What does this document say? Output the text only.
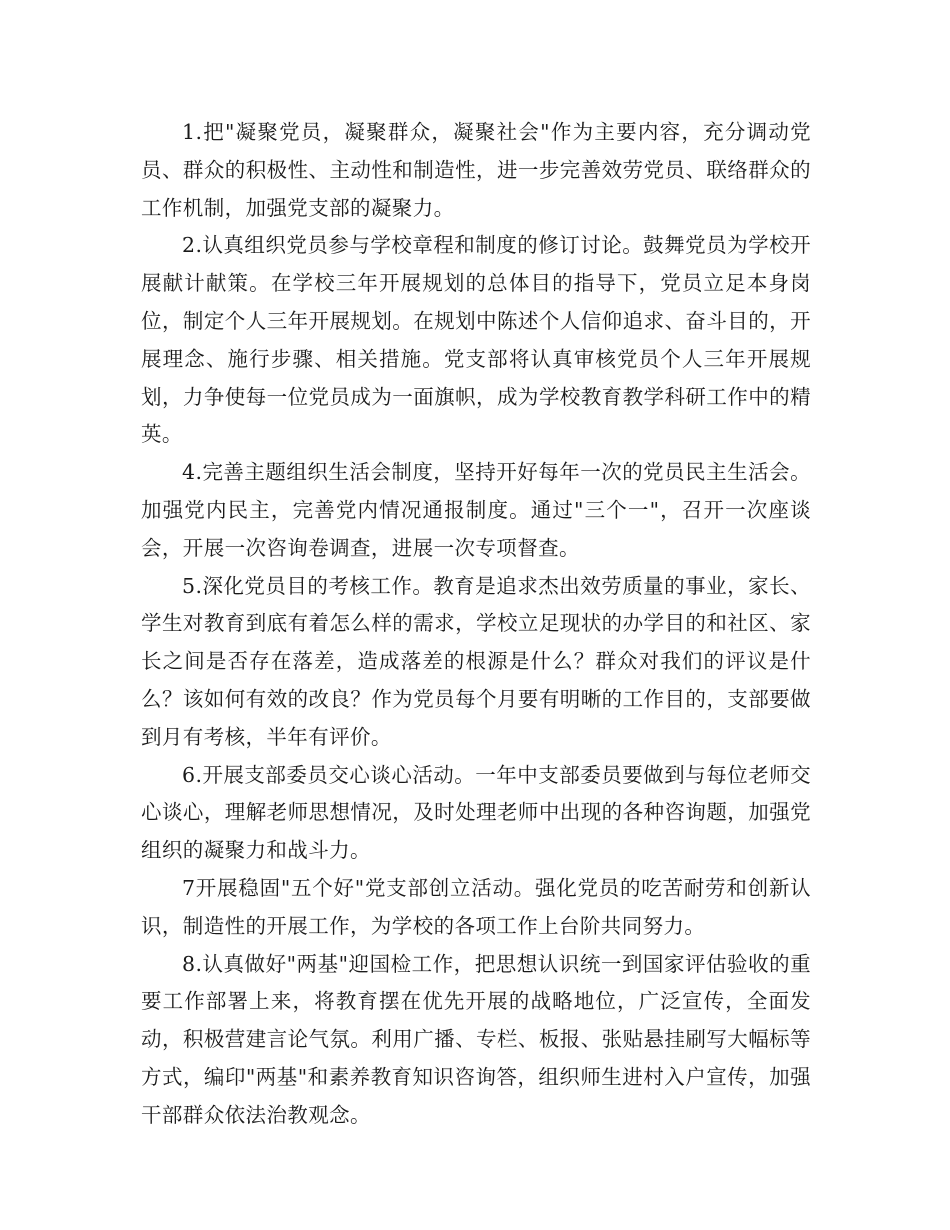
1.把"凝聚党员，凝聚群众，凝聚社会"作为主要内容，充分调动党员、群众的积极性、主动性和制造性，进一步完善效劳党员、联络群众的工作机制，加强党支部的凝聚力。

2.认真组织党员参与学校章程和制度的修订讨论。鼓舞党员为学校开展献计献策。在学校三年开展规划的总体目的指导下，党员立足本身岗位，制定个人三年开展规划。在规划中陈述个人信仰追求、奋斗目的，开展理念、施行步骤、相关措施。党支部将认真审核党员个人三年开展规划，力争使每一位党员成为一面旗帜，成为学校教育教学科研工作中的精英。

4.完善主题组织生活会制度，坚持开好每年一次的党员民主生活会。加强党内民主，完善党内情况通报制度。通过"三个一"，召开一次座谈会，开展一次咨询卷调查，进展一次专项督查。

5.深化党员目的考核工作。教育是追求杰出效劳质量的事业，家长、学生对教育到底有着怎么样的需求，学校立足现状的办学目的和社区、家长之间是否存在落差，造成落差的根源是什么？群众对我们的评议是什么？该如何有效的改良？作为党员每个月要有明晰的工作目的，支部要做到月有考核，半年有评价。

6.开展支部委员交心谈心活动。一年中支部委员要做到与每位老师交心谈心，理解老师思想情况，及时处理老师中出现的各种咨询题，加强党组织的凝聚力和战斗力。

7开展稳固"五个好"党支部创立活动。强化党员的吃苦耐劳和创新认识，制造性的开展工作，为学校的各项工作上台阶共同努力。

8.认真做好"两基"迎国检工作，把思想认识统一到国家评估验收的重要工作部署上来，将教育摆在优先开展的战略地位，广泛宣传，全面发动，积极营建言论气氛。利用广播、专栏、板报、张贴悬挂刷写大幅标等方式，编印"两基"和素养教育知识咨询答，组织师生进村入户宣传，加强干部群众依法治教观念。
